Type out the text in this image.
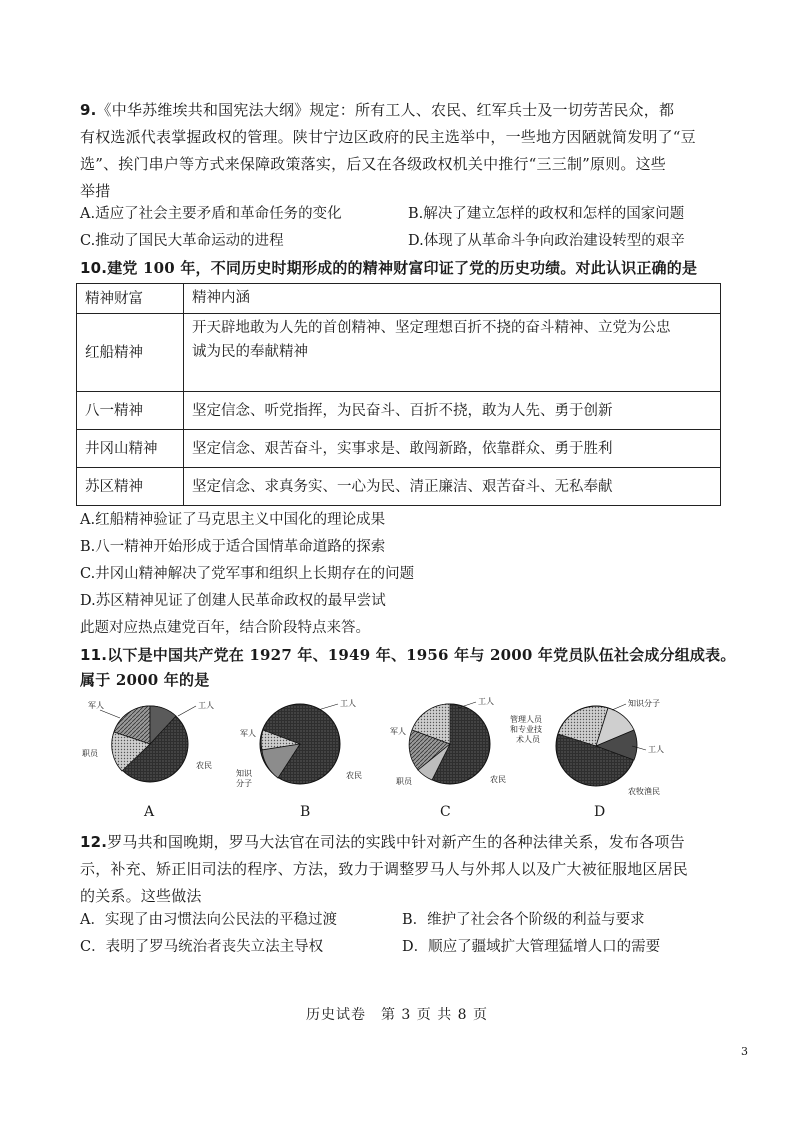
9.《中华苏维埃共和国宪法大纲》规定：所有工人、农民、红军兵士及一切劳苦民众，都
有权选派代表掌握政权的管理。陕甘宁边区政府的民主选举中，一些地方因陋就简发明了“豆
选”、挨门串户等方式来保障政策落实，后又在各级政权机关中推行“三三制”原则。这些
举措
A.适应了社会主要矛盾和革命任务的变化	B.解决了建立怎样的政权和怎样的国家问题
C.推动了国民大革命运动的进程	D.体现了从革命斗争向政治建设转型的艰辛
10.建党 100 年，不同历史时期形成的的精神财富印证了党的历史功绩。对此认识正确的是
精神财富	精神内涵
红船精神	开天辟地敢为人先的首创精神、坚定理想百折不挠的奋斗精神、立党为公忠
诚为民的奉献精神

八一精神	坚定信念、听党指挥，为民奋斗、百折不挠，敢为人先、勇于创新
井冈山精神	坚定信念、艰苦奋斗，实事求是、敢闯新路，依靠群众、勇于胜利
苏区精神	坚定信念、求真务实、一心为民、清正廉洁、艰苦奋斗、无私奉献
A.红船精神验证了马克思主义中国化的理论成果
B.八一精神开始形成于适合国情革命道路的探索
C.井冈山精神解决了党军事和组织上长期存在的问题
D.苏区精神见证了创建人民革命政权的最早尝试
此题对应热点建党百年，结合阶段特点来答。
11.以下是中国共产党在 1927 年、1949 年、1956 年与 2000 年党员队伍社会成分组成表。
属于 2000 年的是
军人	工人
职员
农民
工人
军人
知识
分子
农民
工人
军人
职员	农民
知识分子
管理人员
和专业技
术人员
工人
农牧渔民
A	B	C	D
12.罗马共和国晚期，罗马大法官在司法的实践中针对新产生的各种法律关系，发布各项告
示，补充、矫正旧司法的程序、方法，致力于调整罗马人与外邦人以及广大被征服地区居民
的关系。这些做法
A．实现了由习惯法向公民法的平稳过渡	B．维护了社会各个阶级的利益与要求
C．表明了罗马统治者丧失立法主导权	D．顺应了疆域扩大管理猛增人口的需要
历史试卷　第 3 页 共 8 页
3
